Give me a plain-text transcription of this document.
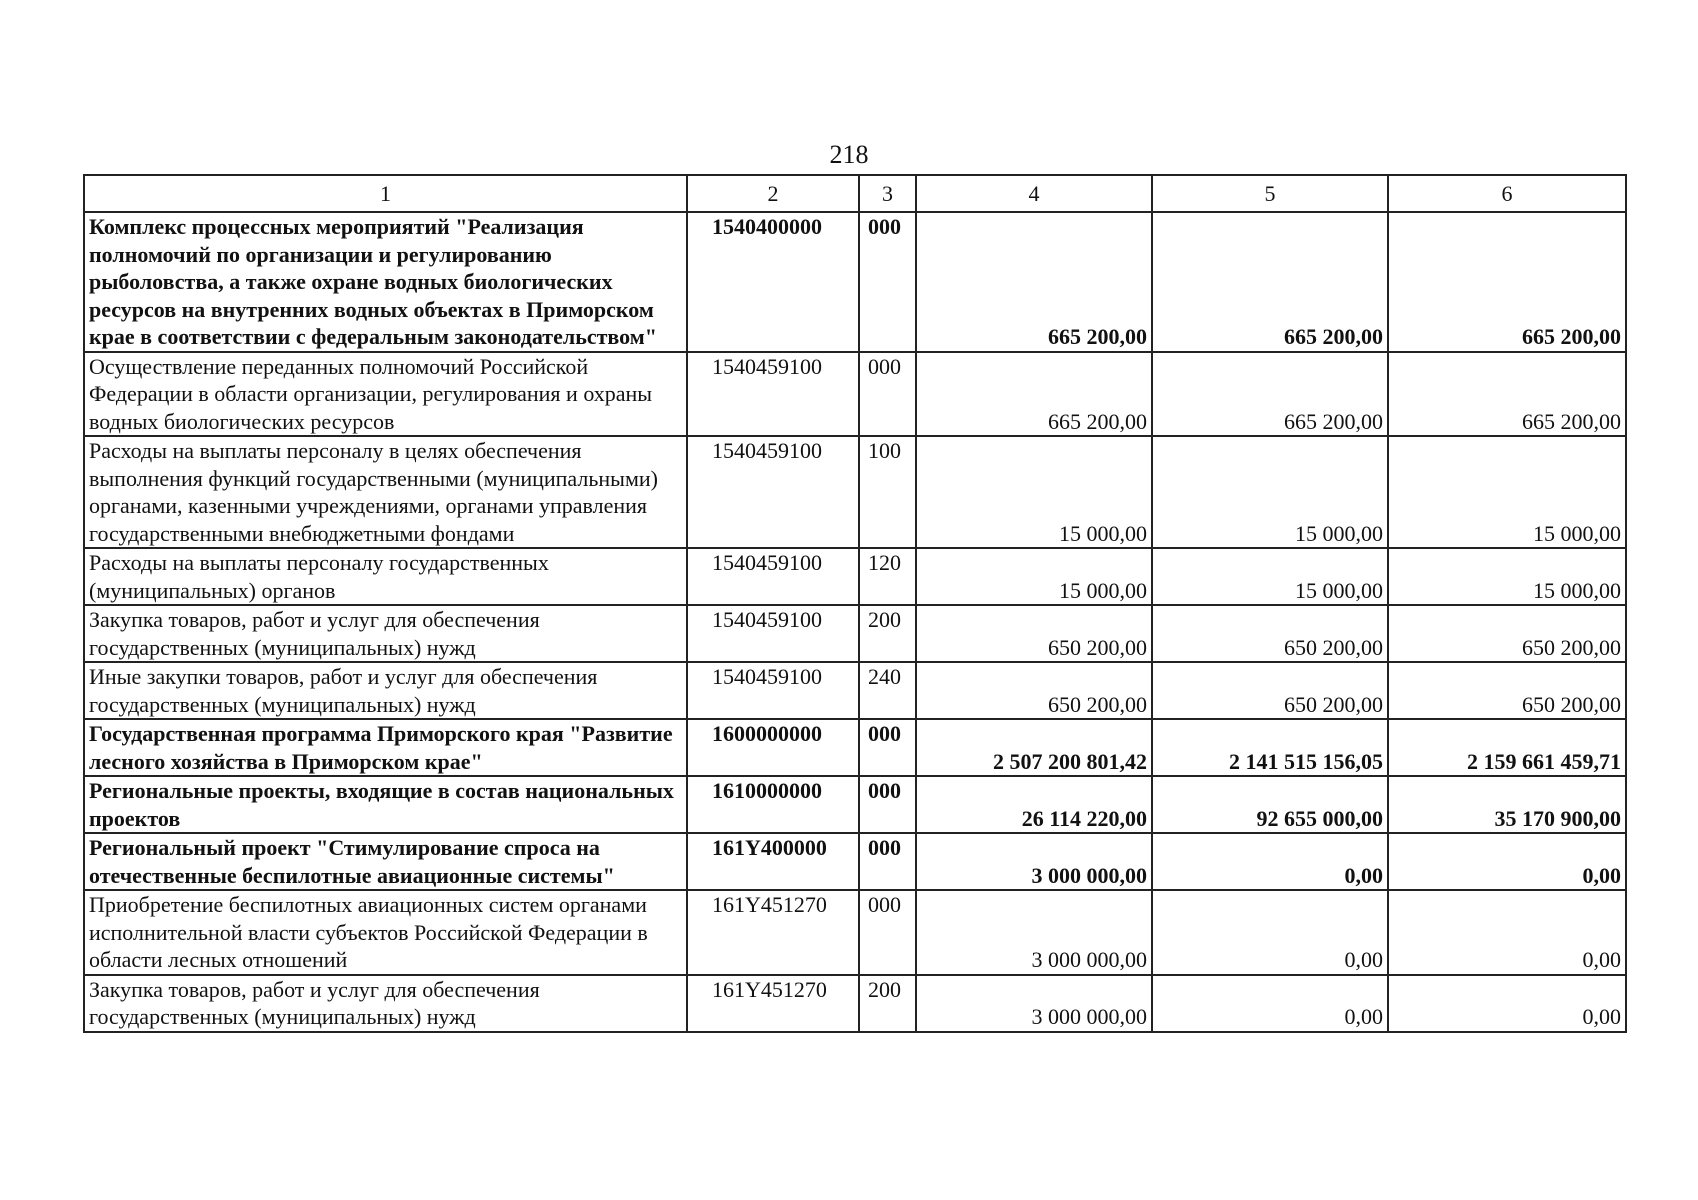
218
1	2	3	4	5	6
Комплекс процессных мероприятий "Реализация полномочий по организации и регулированию рыболовства, а также охране водных биологических ресурсов на внутренних водных объектах в Приморском крае в соответствии с федеральным законодательством"	1540400000	000	665 200,00	665 200,00	665 200,00
Осуществление переданных полномочий Российской Федерации в области организации, регулирования и охраны водных биологических ресурсов	1540459100	000	665 200,00	665 200,00	665 200,00
Расходы на выплаты персоналу в целях обеспечения выполнения функций государственными (муниципальными) органами, казенными учреждениями, органами управления государственными внебюджетными фондами	1540459100	100	15 000,00	15 000,00	15 000,00
Расходы на выплаты персоналу государственных (муниципальных) органов	1540459100	120	15 000,00	15 000,00	15 000,00
Закупка товаров, работ и услуг для обеспечения государственных (муниципальных) нужд	1540459100	200	650 200,00	650 200,00	650 200,00
Иные закупки товаров, работ и услуг для обеспечения государственных (муниципальных) нужд	1540459100	240	650 200,00	650 200,00	650 200,00
Государственная программа Приморского края "Развитие лесного хозяйства в Приморском крае"	1600000000	000	2 507 200 801,42	2 141 515 156,05	2 159 661 459,71
Региональные проекты, входящие в состав национальных проектов	1610000000	000	26 114 220,00	92 655 000,00	35 170 900,00
Региональный проект "Стимулирование спроса на отечественные беспилотные авиационные системы"	161Y400000	000	3 000 000,00	0,00	0,00
Приобретение беспилотных авиационных систем органами исполнительной власти субъектов Российской Федерации в области лесных отношений	161Y451270	000	3 000 000,00	0,00	0,00
Закупка товаров, работ и услуг для обеспечения государственных (муниципальных) нужд	161Y451270	200	3 000 000,00	0,00	0,00
